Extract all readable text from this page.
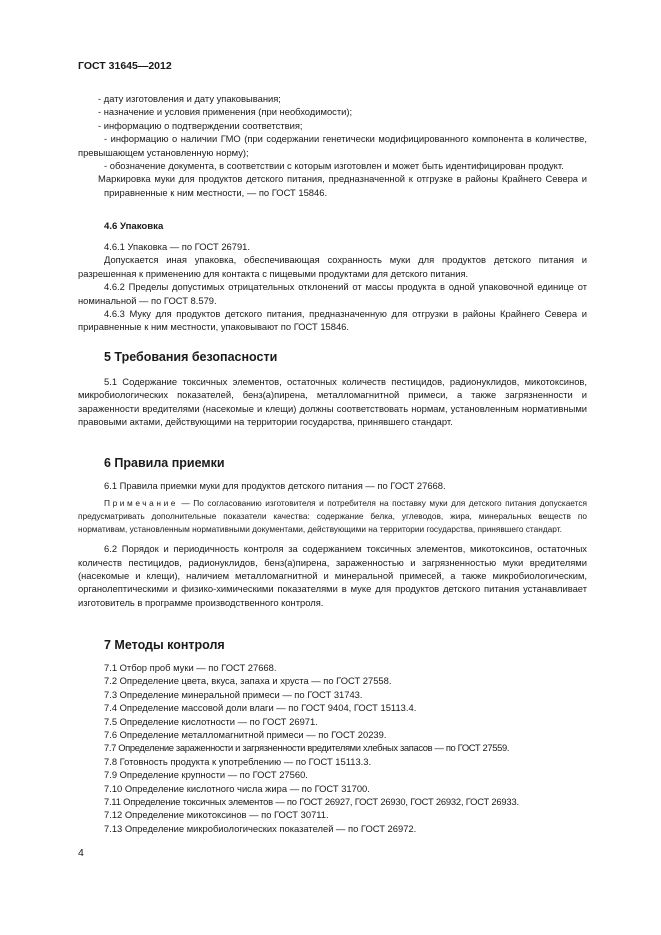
ГОСТ 31645—2012

- дату изготовления и дату упаковывания;

- назначение и условия применения (при необходимости);

- информацию о подтверждении соответствия;

- информацию о наличии ГМО (при содержании генетически модифицированного компонента в количестве, превышающем установленную норму);

- обозначение документа, в соответствии с которым изготовлен и может быть идентифицирован продукт.

Маркировка муки для продуктов детского питания, предназначенной к отгрузке в районы Крайнего Севера и приравненные к ним местности, — по ГОСТ 15846.

4.6 Упаковка

4.6.1 Упаковка — по ГОСТ 26791.

Допускается иная упаковка, обеспечивающая сохранность муки для продуктов детского питания и разрешенная к применению для контакта с пищевыми продуктами для детского питания.

4.6.2 Пределы допустимых отрицательных отклонений от массы продукта в одной упаковочной единице от номинальной — по ГОСТ 8.579.

4.6.3 Муку для продуктов детского питания, предназначенную для отгрузки в районы Крайнего Севера и приравненные к ним местности, упаковывают по ГОСТ 15846.

5 Требования безопасности

5.1 Содержание токсичных элементов, остаточных количеств пестицидов, радионуклидов, микотоксинов, микробиологических показателей, бенз(а)пирена, металломагнитной примеси, а также загрязненности и зараженности вредителями (насекомые и клещи) должны соответствовать нормам, установленным нормативными правовыми актами, действующими на территории государства, принявшего стандарт.

6 Правила приемки

6.1 Правила приемки муки для продуктов детского питания — по ГОСТ 27668.

Примечание — По согласованию изготовителя и потребителя на поставку муки для детского питания допускается предусматривать дополнительные показатели качества: содержание белка, углеводов, жира, минеральных веществ по нормативам, установленным нормативными документами, действующими на территории государства, принявшего стандарт.

6.2 Порядок и периодичность контроля за содержанием токсичных элементов, микотоксинов, остаточных количеств пестицидов, радионуклидов, бенз(а)пирена, зараженностью и загрязненностью муки вредителями (насекомые и клещи), наличием металломагнитной и минеральной примесей, а также микробиологическим, органолептическими и физико-химическими показателями в муке для продуктов детского питания устанавливает изготовитель в программе производственного контроля.

7 Методы контроля
7.1 Отбор проб муки — по ГОСТ 27668.
7.2 Определение цвета, вкуса, запаха и хруста — по ГОСТ 27558.
7.3 Определение минеральной примеси — по ГОСТ 31743.
7.4 Определение массовой доли влаги — по ГОСТ 9404, ГОСТ 15113.4.
7.5 Определение кислотности — по ГОСТ 26971.
7.6 Определение металломагнитной примеси — по ГОСТ 20239.
7.7 Определение зараженности и загрязненности вредителями хлебных запасов — по ГОСТ 27559.
7.8 Готовность продукта к употреблению — по ГОСТ 15113.3.
7.9 Определение крупности — по ГОСТ 27560.
7.10 Определение кислотного числа жира — по ГОСТ 31700.
7.11 Определение токсичных элементов — по ГОСТ 26927, ГОСТ 26930, ГОСТ 26932, ГОСТ 26933.
7.12 Определение микотоксинов — по ГОСТ 30711.
7.13 Определение микробиологических показателей — по ГОСТ 26972.
4
